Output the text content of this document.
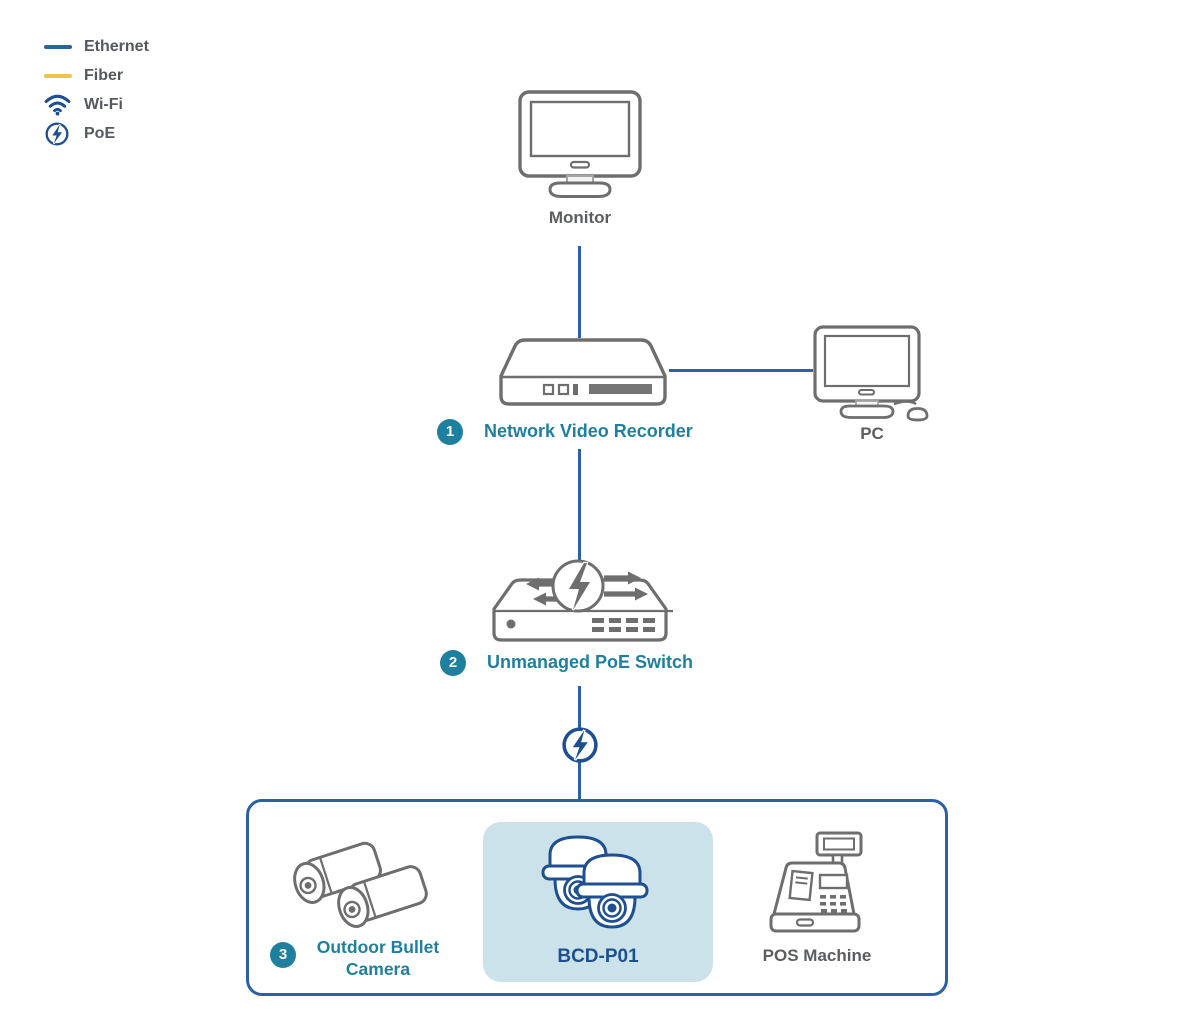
Ethernet
Fiber
Wi-Fi
PoE
Monitor
1	Network Video Recorder	PC
2	Unmanaged PoE Switch
3	Outdoor Bullet Camera
BCD-P01	POS Machine
